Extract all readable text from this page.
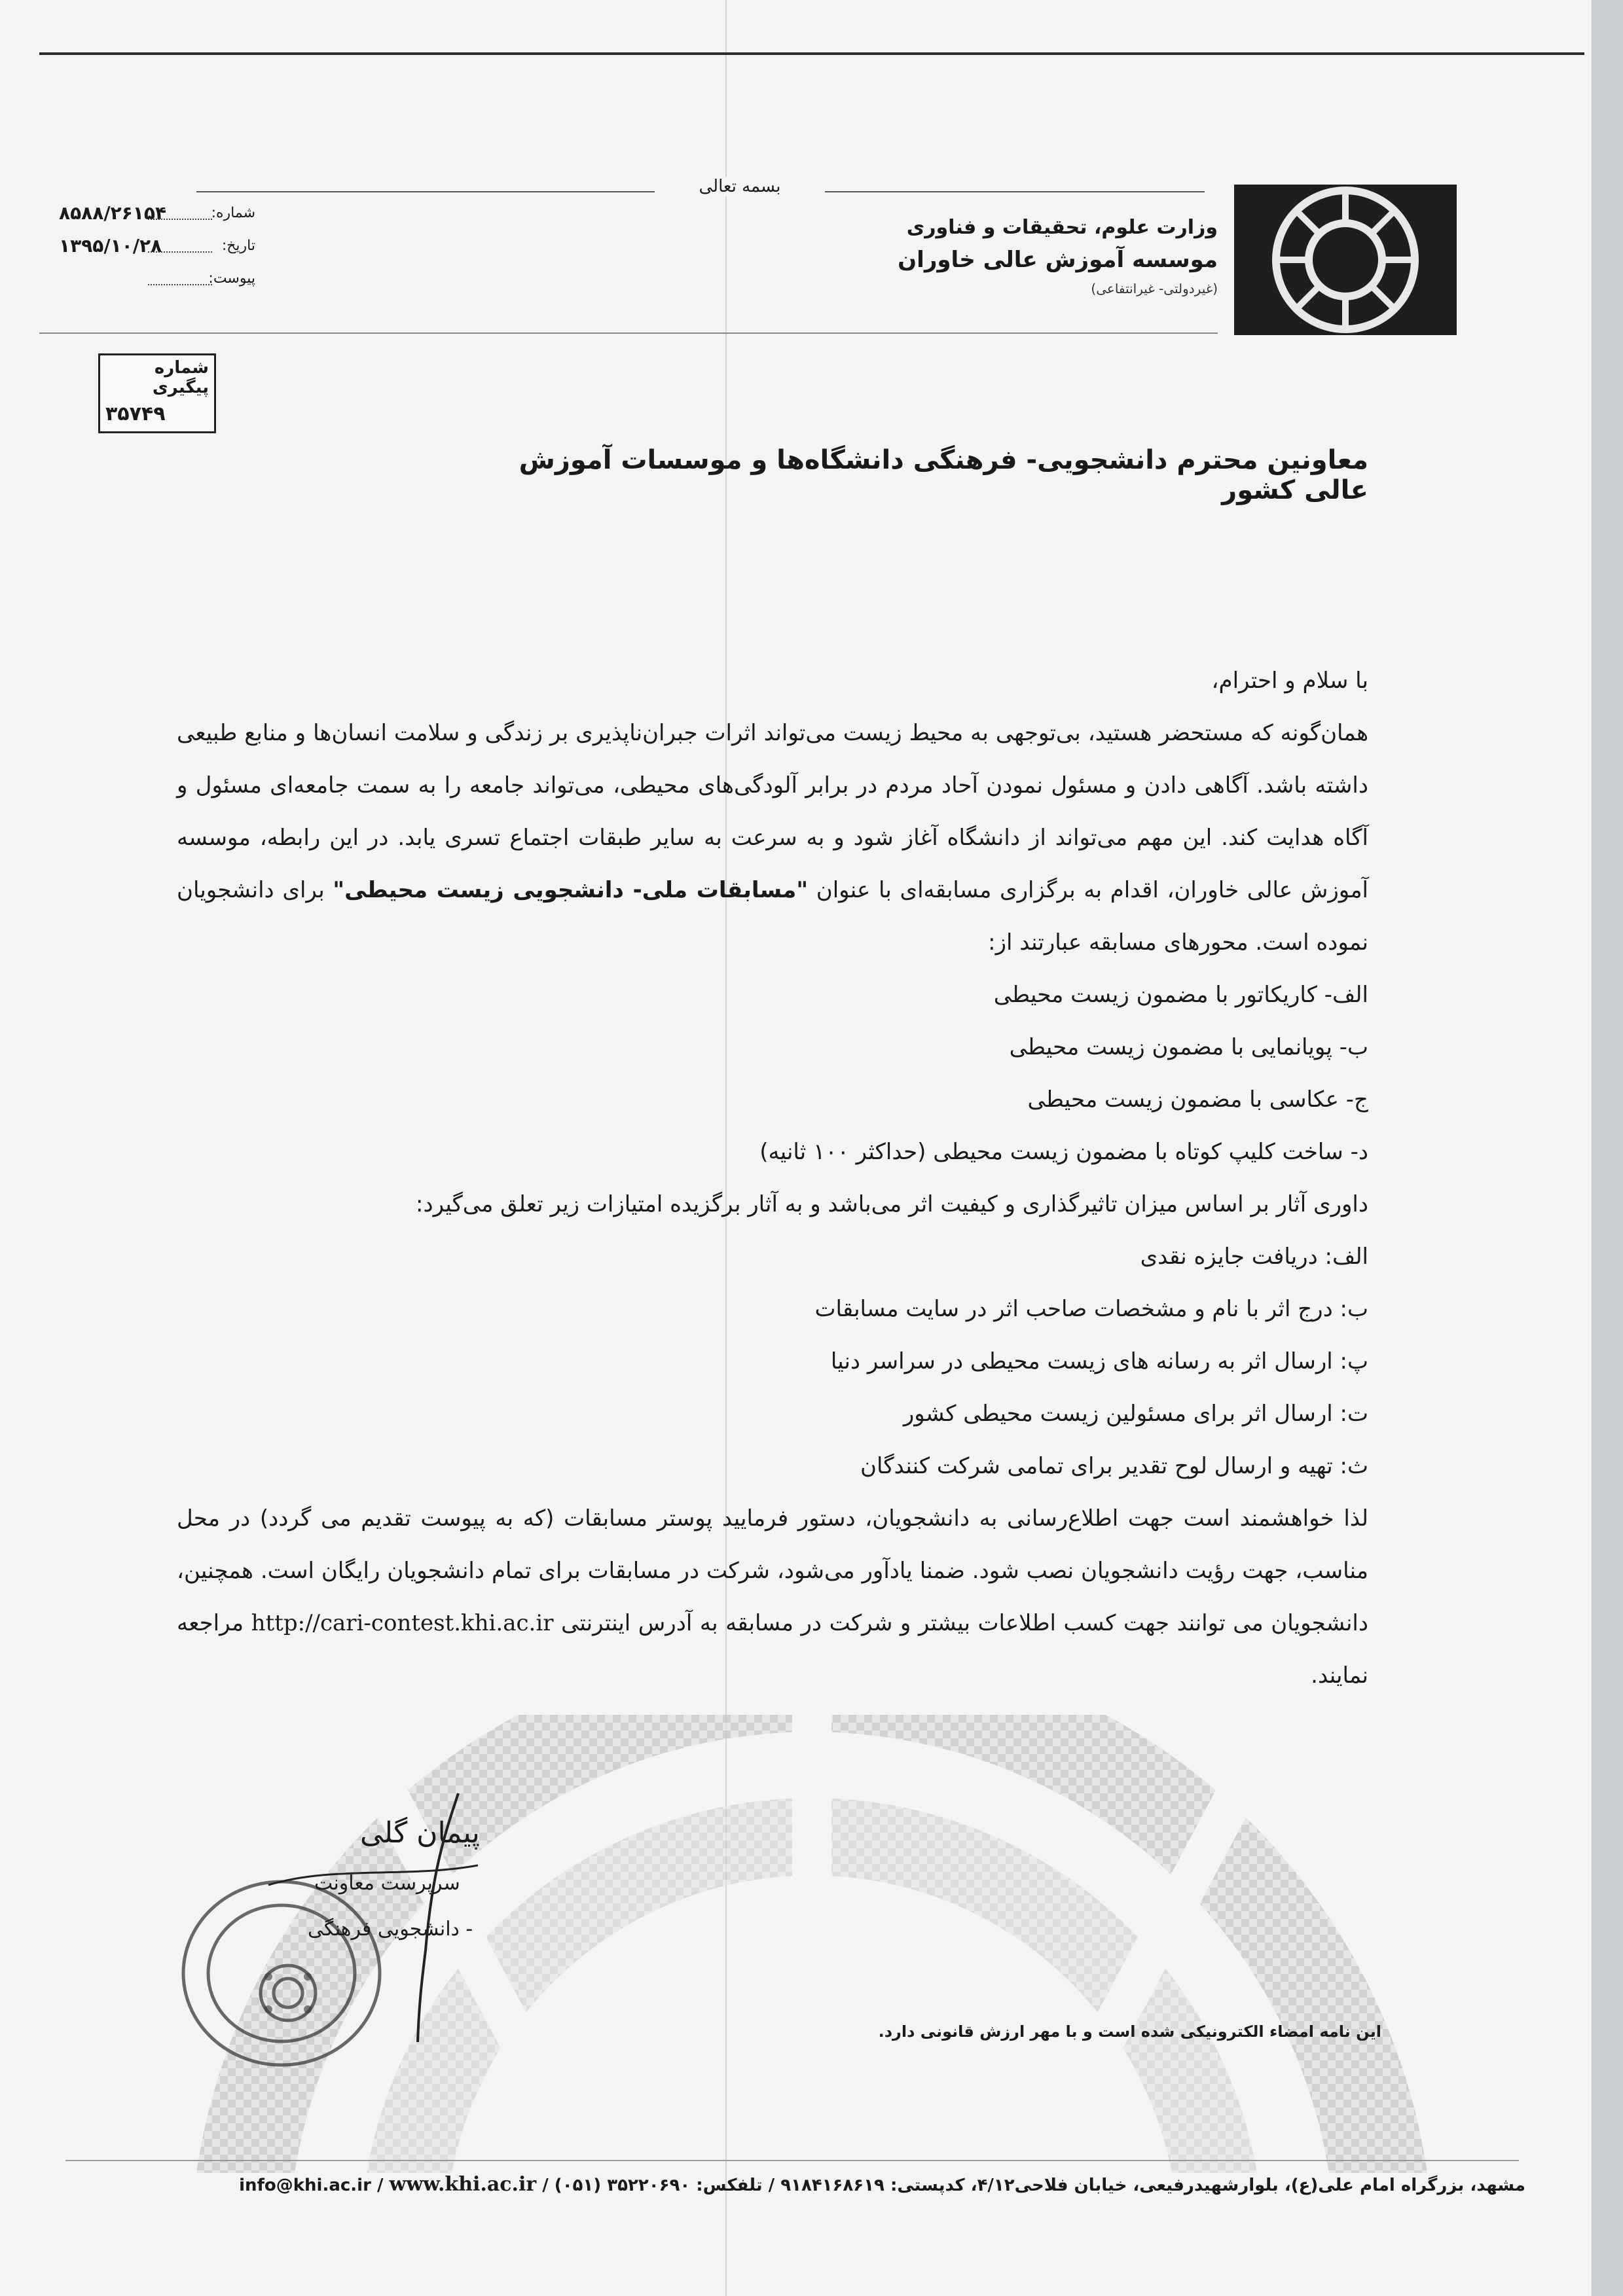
بسمه تعالی
وزارت علوم، تحقیقات و فناوری
موسسه آموزش عالی خاوران
(غیردولتی- غیرانتفاعی)
۸۵۸۸/۲۶۱۵۴	شماره:
۱۳۹۵/۱۰/۲۸	تاریخ:
پیوست:
شماره پیگیری
۳۵۷۴۹
معاونین محترم دانشجویی- فرهنگی دانشگاه‌ها و موسسات آموزش عالی کشور

با سلام و احترام،

همان‌گونه که مستحضر هستید، بی‌توجهی به محیط زیست می‌تواند اثرات جبران‌ناپذیری بر زندگی و سلامت انسان‌ها و منابع طبیعی داشته باشد. آگاهی دادن و مسئول نمودن آحاد مردم در برابر آلودگی‌های محیطی، می‌تواند جامعه را به سمت جامعه‌ای مسئول و آگاه هدایت کند. این مهم می‌تواند از دانشگاه آغاز شود و به سرعت به سایر طبقات اجتماع تسری یابد. در این رابطه، موسسه آموزش عالی خاوران، اقدام به برگزاری مسابقه‌ای با عنوان "مسابقات ملی- دانشجویی زیست محیطی" برای دانشجویان نموده است. محورهای مسابقه عبارتند از:

الف- کاریکاتور با مضمون زیست محیطی

ب- پویانمایی با مضمون زیست محیطی

ج- عکاسی با مضمون زیست محیطی

د- ساخت کلیپ کوتاه با مضمون زیست محیطی (حداکثر ۱۰۰ ثانیه)

داوری آثار بر اساس میزان تاثیرگذاری و کیفیت اثر می‌باشد و به آثار برگزیده امتیازات زیر تعلق می‌گیرد:

الف: دریافت جایزه نقدی

ب: درج اثر با نام و مشخصات صاحب اثر در سایت مسابقات

پ: ارسال اثر به رسانه های زیست محیطی در سراسر دنیا

ت: ارسال اثر برای مسئولین زیست محیطی کشور

ث: تهیه و ارسال لوح تقدیر برای تمامی شرکت کنندگان

لذا خواهشمند است جهت اطلاع‌رسانی به دانشجویان، دستور فرمایید پوستر مسابقات (که به پیوست تقدیم می گردد) در محل مناسب، جهت رؤیت دانشجویان نصب شود. ضمنا یادآور می‌شود، شرکت در مسابقات برای تمام دانشجویان رایگان است. همچنین، دانشجویان می توانند جهت کسب اطلاعات بیشتر و شرکت در مسابقه به آدرس اینترنتی http://cari-contest.khi.ac.ir مراجعه نمایند.

پیمان گلی
سرپرست معاونت
- دانشجویی فرهنگی
این نامه امضاء الکترونیکی شده است و با مهر ارزش قانونی دارد.
مشهد، بزرگراه امام علی(ع)، بلوارشهیدرفیعی، خیابان فلاحی۴/۱۲، کدپستی: ۹۱۸۴۱۶۸۶۱۹ / تلفکس: ۳۵۲۲۰۶۹۰ (۰۵۱) / info@khi.ac.ir / www.khi.ac.ir
